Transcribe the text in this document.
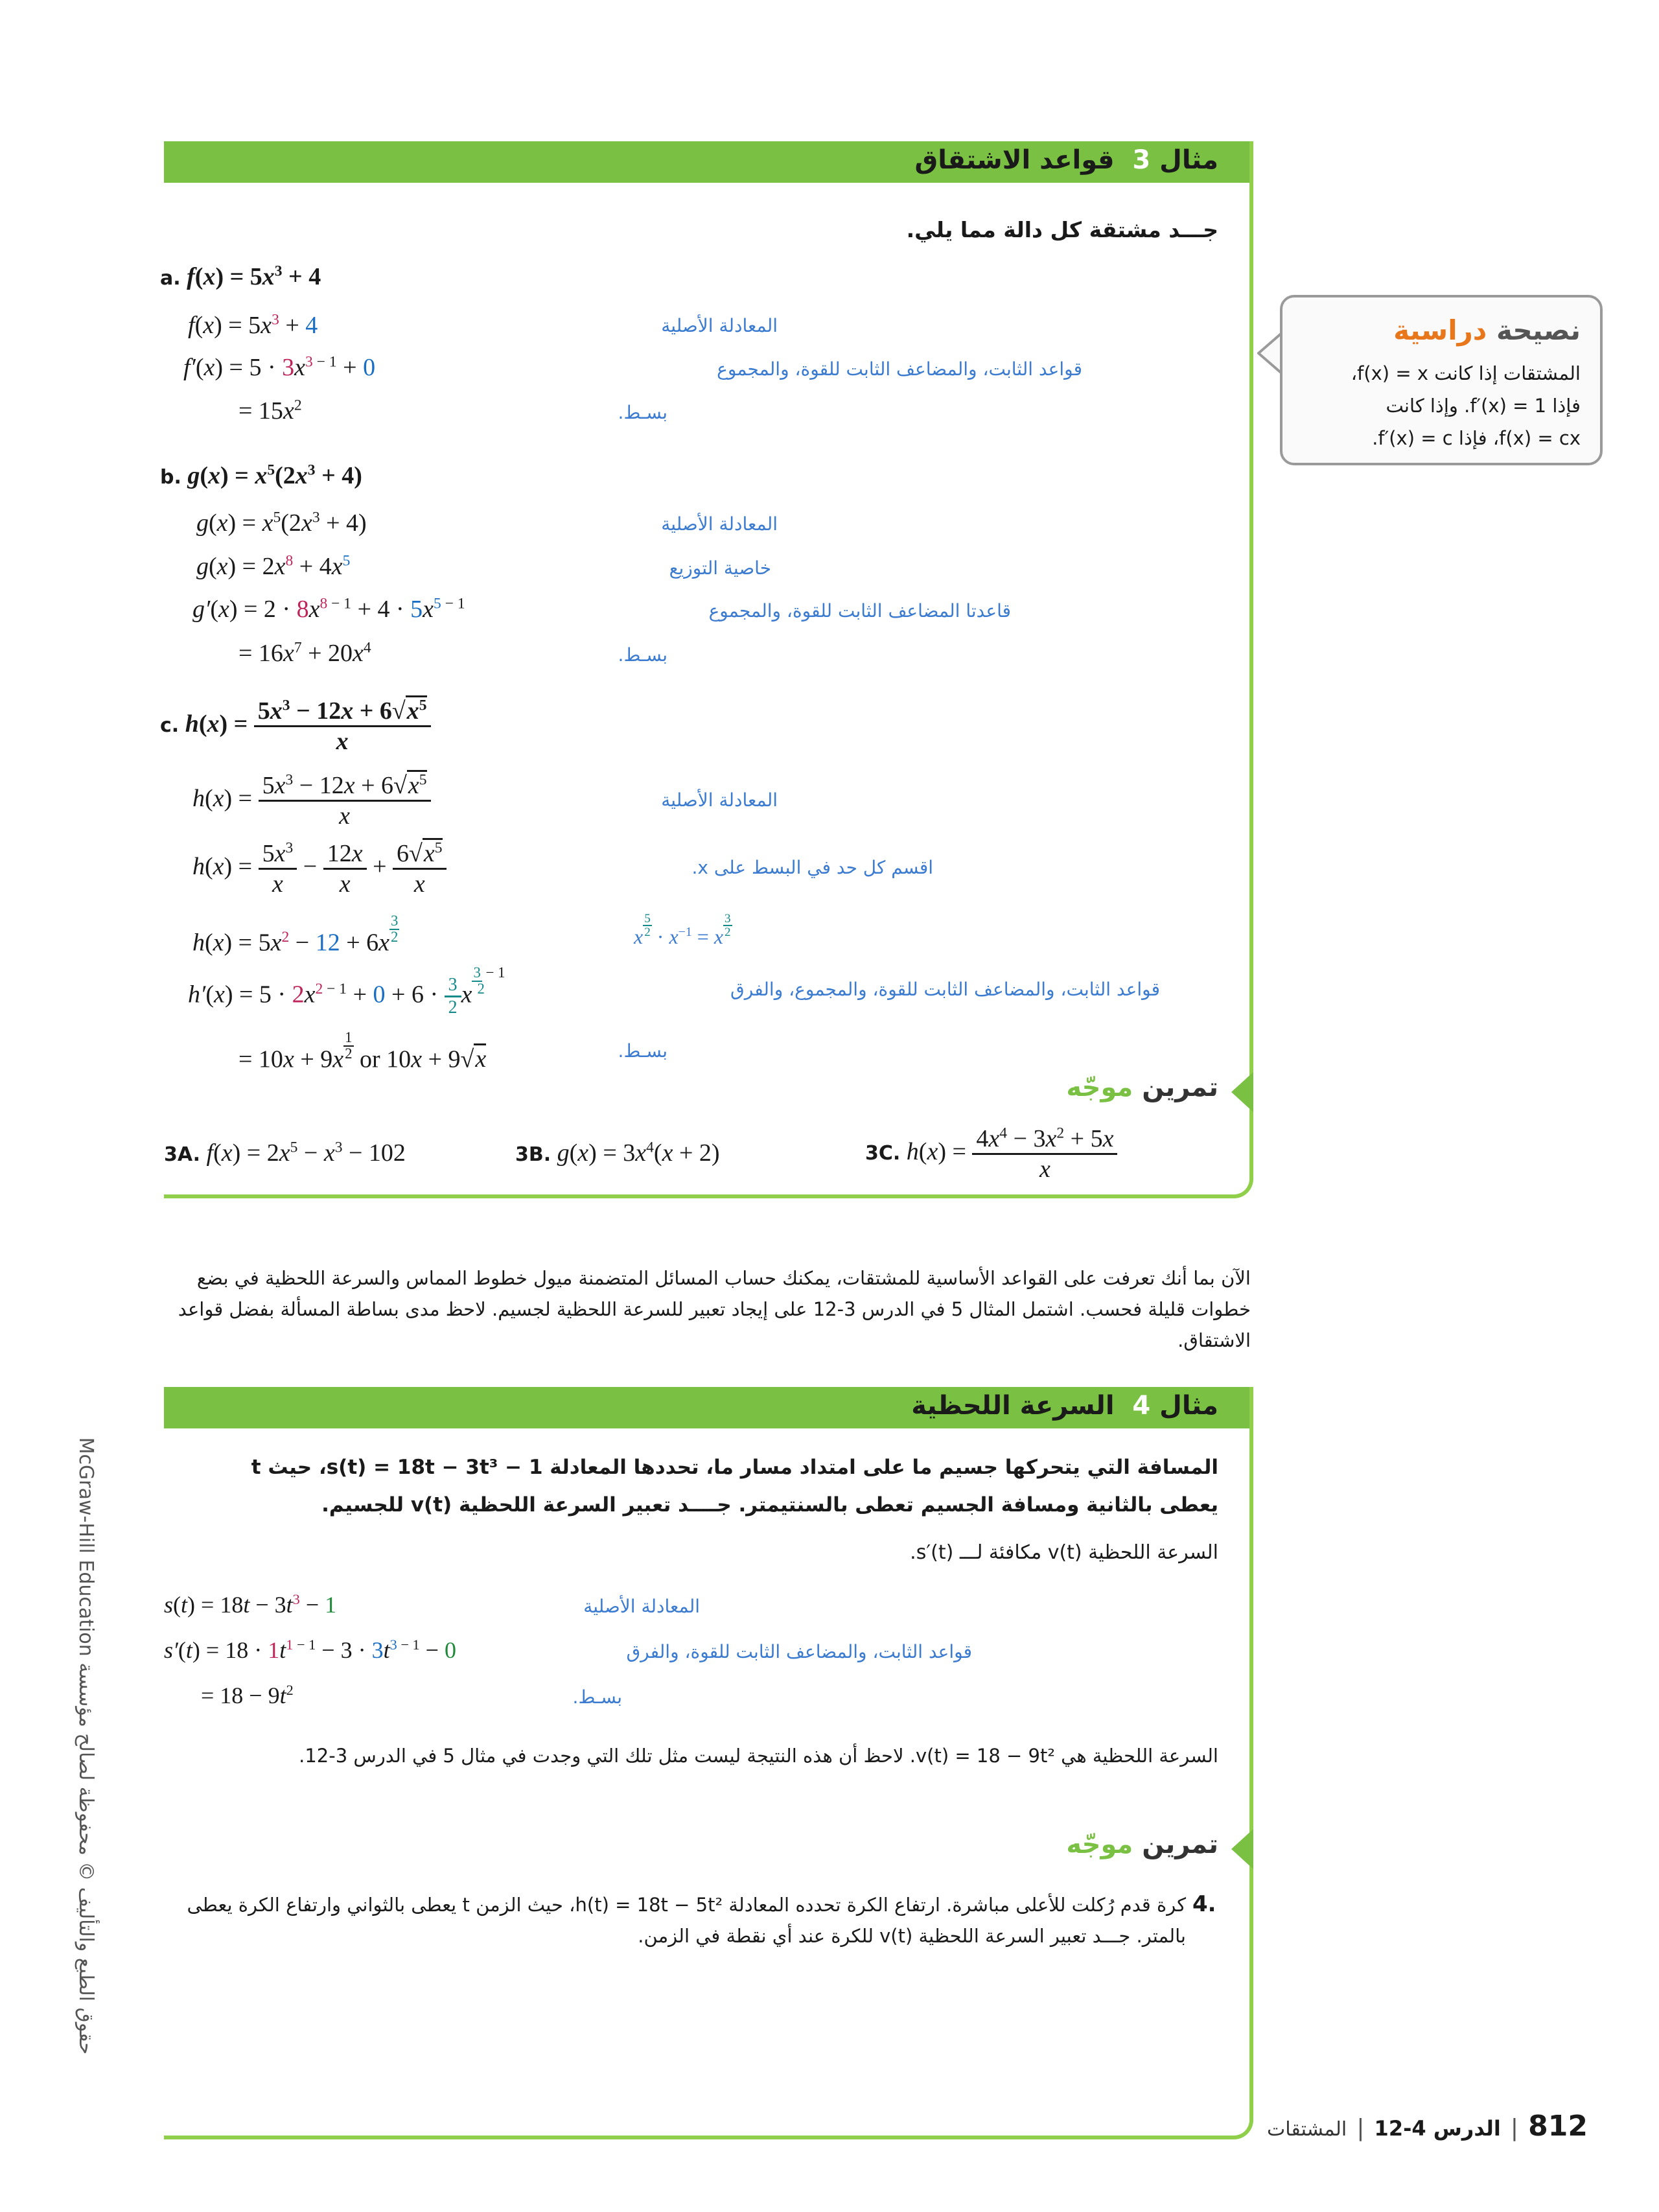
مثال 3  قواعد الاشتقاق
جـــد مشتقة كل دالة مما يلي.
a. $f(x) = 5x^3 + 4$
$f(x) = 5x^3 + 4$
$f'(x) = 5 \cdot 3x^{3 - 1} + 0$
= $15x^2$
المعادلة الأصلية
قواعد الثابت، والمضاعف الثابت للقوة، والمجموع
بسـط.
b. $g(x) = x^5(2x^3 + 4)$
$g(x) = x^5(2x^3 + 4)$
$g(x) = 2x^8 + 4x^5$
$g'(x) = 2 \cdot 8x^{8 - 1} + 4 \cdot 5x^{5 - 1}$
= $16x^7 + 20x^4$
المعادلة الأصلية
خاصية التوزيع
قاعدتا المضاعف الثابت للقوة، والمجموع
بسـط.
c. $h(x) = \frac{5x^3 - 12x + 6√x^5}{x}$
$h(x) = \frac{5x^3 - 12x + 6√x^5}{x}$
$h(x) = \frac{5x^3}{x} - \frac{12x}{x} + \frac{6√x^5}{x}$
$h(x) = 5x^2 - 12 + 6x \frac{3}{2}$
$h'(x) = 5 \cdot 2x^{2 - 1} + 0 + 6 \cdot \frac{3}{2} x3 - 1$
2
= $10x + 9x \frac{1}{2}$ or 10x + 9√x
المعادلة الأصلية
اقسم كل حد في البسط على x.
x $\frac{5}{2} \cdot x^{-1} = x \frac{3}{2}$
قواعد الثابت، والمضاعف الثابت للقوة، والمجموع، والفرق
بسـط.
تمرين موجّه
3A. $f(x) = 2x^5 - x^3 - 102$	3B. $g(x) = 3x^4(x + 2)$	3C. $h(x) = \frac{4x^4 - 3x^2 + 5x}{x}$
نصيحة دراسية
المشتقات إذا كانت f(x) = x،
فإذا f′(x) = 1. وإذا كانت
f(x) = cx، فإذا f′(x) = c.
الآن بما أنك تعرفت على القواعد الأساسية للمشتقات، يمكنك حساب المسائل المتضمنة ميول خطوط المماس والسرعة اللحظية في بضع خطوات قليلة فحسب. اشتمل المثال 5 في الدرس 3-12 على إيجاد تعبير للسرعة اللحظية لجسيم. لاحظ مدى بساطة المسألة بفضل قواعد الاشتقاق.
مثال 4  السرعة اللحظية
المسافة التي يتحركها جسيم ما على امتداد مسار ما، تحددها المعادلة s(t) = 18t − 3t³ − 1، حيث t يعطى بالثانية ومسافة الجسيم تعطى بالسنتيمتر. جــــد تعبير السرعة اللحظية v(t) للجسيم.
السرعة اللحظية v(t) مكافئة لـــ s′(t).
$s(t) = 18t - 3t^3 - 1$
$s'(t) = 18 \cdot 1t^{1 - 1} - 3 \cdot 3t^{3 - 1} - 0$
= $18 - 9t^2$
المعادلة الأصلية
قواعد الثابت، والمضاعف الثابت للقوة، والفرق
بسـط.
السرعة اللحظية هي v(t) = 18 − 9t². لاحظ أن هذه النتيجة ليست مثل تلك التي وجدت في مثال 5 في الدرس 3-12.
تمرين موجّه
4.
كرة قدم رُكلت للأعلى مباشرة. ارتفاع الكرة تحدده المعادلة h(t) = 18t − 5t²، حيث الزمن t يعطى بالثواني وارتفاع الكرة يعطى بالمتر. جـــد تعبير السرعة اللحظية v(t) للكرة عند أي نقطة في الزمن.
حقوق الطبع والتأليف © محفوظة لصالح مؤسسة McGraw-Hill Education
812 | الدرس 4-12 | المشتقات
